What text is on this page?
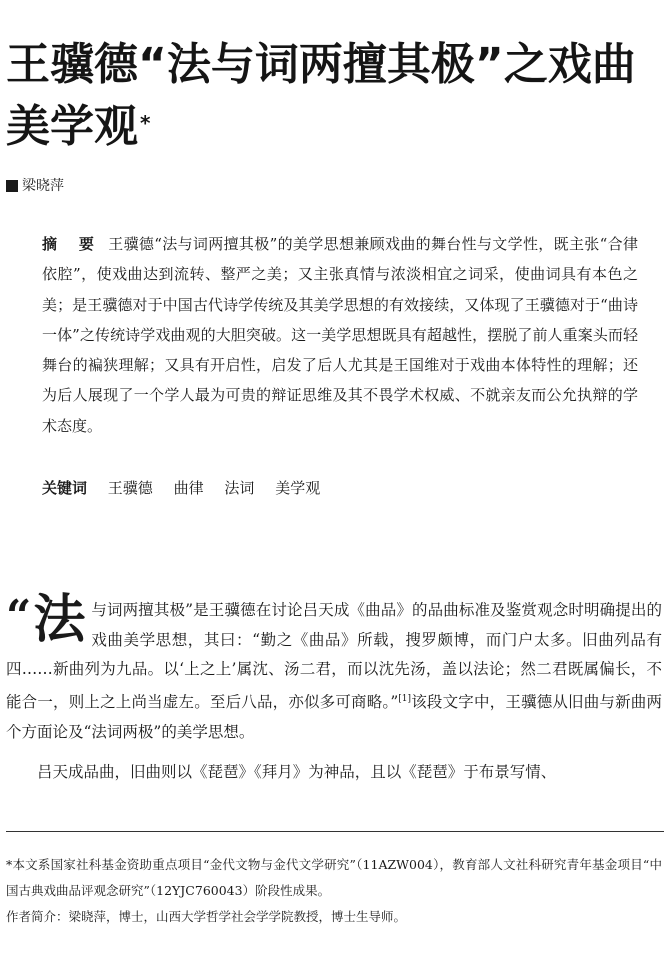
王骥德“法与词两擅其极”之戏曲美学观 *
梁晓萍

摘 要 王骥德“法与词两擅其极”的美学思想兼顾戏曲的舞台性与文学性，既主张“合律依腔”，使戏曲达到流转、整严之美；又主张真情与浓淡相宜之词采，使曲词具有本色之美；是王骥德对于中国古代诗学传统及其美学思想的有效接续，又体现了王骥德对于“曲诗一体”之传统诗学戏曲观的大胆突破。这一美学思想既具有超越性，摆脱了前人重案头而轻舞台的褊狭理解；又具有开启性，启发了后人尤其是王国维对于戏曲本体特性的理解；还为后人展现了一个学人最为可贵的辩证思维及其不畏学术权威、不就亲友而公允执辩的学术态度。

关键词 王骥德 曲律 法词 美学观

“ 法 与词两擅其极”是王骥德在讨论吕天成《曲品》的品曲标准及鉴赏观念时明确提出的戏曲美学思想，其曰：“勤之《曲品》所载，搜罗颇博，而门户太多。旧曲列品有四……新曲列为九品。以‘上之上’属沈、汤二君，而以沈先汤，盖以法论；然二君既属偏长，不能合一，则上之上尚当虚左。至后八品，亦似多可商略。”[1]该段文字中，王骥德从旧曲与新曲两个方面论及“法词两极”的美学思想。

吕天成品曲，旧曲则以《琵琶》《拜月》为神品，且以《琵琶》于布景写情、

*本文系国家社科基金资助重点项目“金代文物与金代文学研究”（11AZW004），教育部人文社科研究青年基金项目“中国古典戏曲品评观念研究”（12YJC760043）阶段性成果。
作者简介：梁晓萍，博士，山西大学哲学社会学学院教授，博士生导师。
